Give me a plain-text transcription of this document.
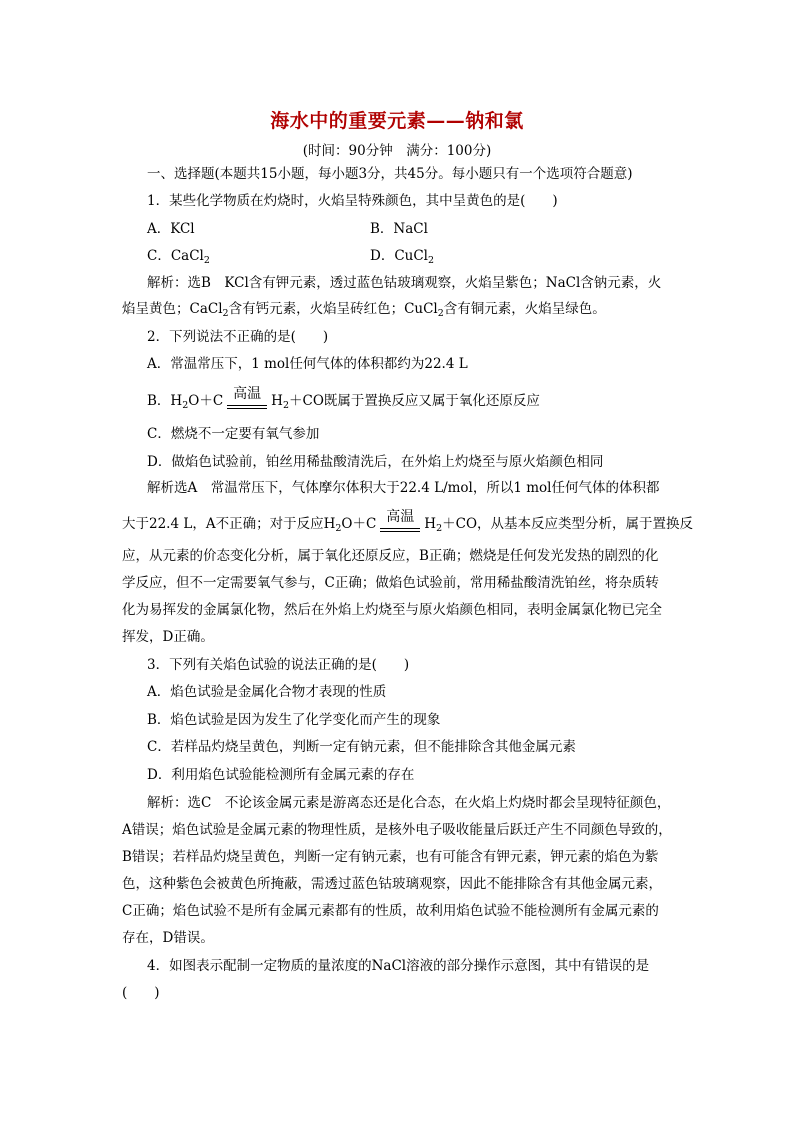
海水中的重要元素——钠和氯
(时间：90分钟　满分：100分)
一、选择题(本题共15小题，每小题3分，共45分。每小题只有一个选项符合题意)
1．某些化学物质在灼烧时，火焰呈特殊颜色，其中呈黄色的是(　　)
A．KCl	B．NaCl
C．CaCl$_2$	D．CuCl$_2$
解析：选B　KCl含有钾元素，透过蓝色钴玻璃观察，火焰呈紫色；NaCl含钠元素，火
焰呈黄色；CaCl$_2$含有钙元素，火焰呈砖红色；CuCl$_2$含有铜元素，火焰呈绿色。
2．下列说法不正确的是(　　)
A．常温常压下，1 mol任何气体的体积都约为22.4 L
B．$H_2O+C$ 高温 $H_2+CO$既属于置换反应又属于氧化还原反应
C．燃烧不一定要有氧气参加
D．做焰色试验前，铂丝用稀盐酸清洗后，在外焰上灼烧至与原火焰颜色相同
解析选A　常温常压下，气体摩尔体积大于22.4 L/mol，所以1 mol任何气体的体积都
大于22.4 L，A不正确；对于反应$H_2O+C$ 高温 $H_2+CO$，从基本反应类型分析，属于置换反
应，从元素的价态变化分析，属于氧化还原反应，B正确；燃烧是任何发光发热的剧烈的化
学反应，但不一定需要氧气参与，C正确；做焰色试验前，常用稀盐酸清洗铂丝，将杂质转
化为易挥发的金属氯化物，然后在外焰上灼烧至与原火焰颜色相同，表明金属氯化物已完全
挥发，D正确。
3．下列有关焰色试验的说法正确的是(　　)
A．焰色试验是金属化合物才表现的性质
B．焰色试验是因为发生了化学变化而产生的现象
C．若样品灼烧呈黄色，判断一定有钠元素，但不能排除含其他金属元素
D．利用焰色试验能检测所有金属元素的存在
解析：选C　不论该金属元素是游离态还是化合态，在火焰上灼烧时都会呈现特征颜色，
A错误；焰色试验是金属元素的物理性质，是核外电子吸收能量后跃迁产生不同颜色导致的，
B错误；若样品灼烧呈黄色，判断一定有钠元素，也有可能含有钾元素，钾元素的焰色为紫
色，这种紫色会被黄色所掩蔽，需透过蓝色钴玻璃观察，因此不能排除含有其他金属元素，
C正确；焰色试验不是所有金属元素都有的性质，故利用焰色试验不能检测所有金属元素的
存在，D错误。
4．如图表示配制一定物质的量浓度的NaCl溶液的部分操作示意图，其中有错误的是
(　　)
